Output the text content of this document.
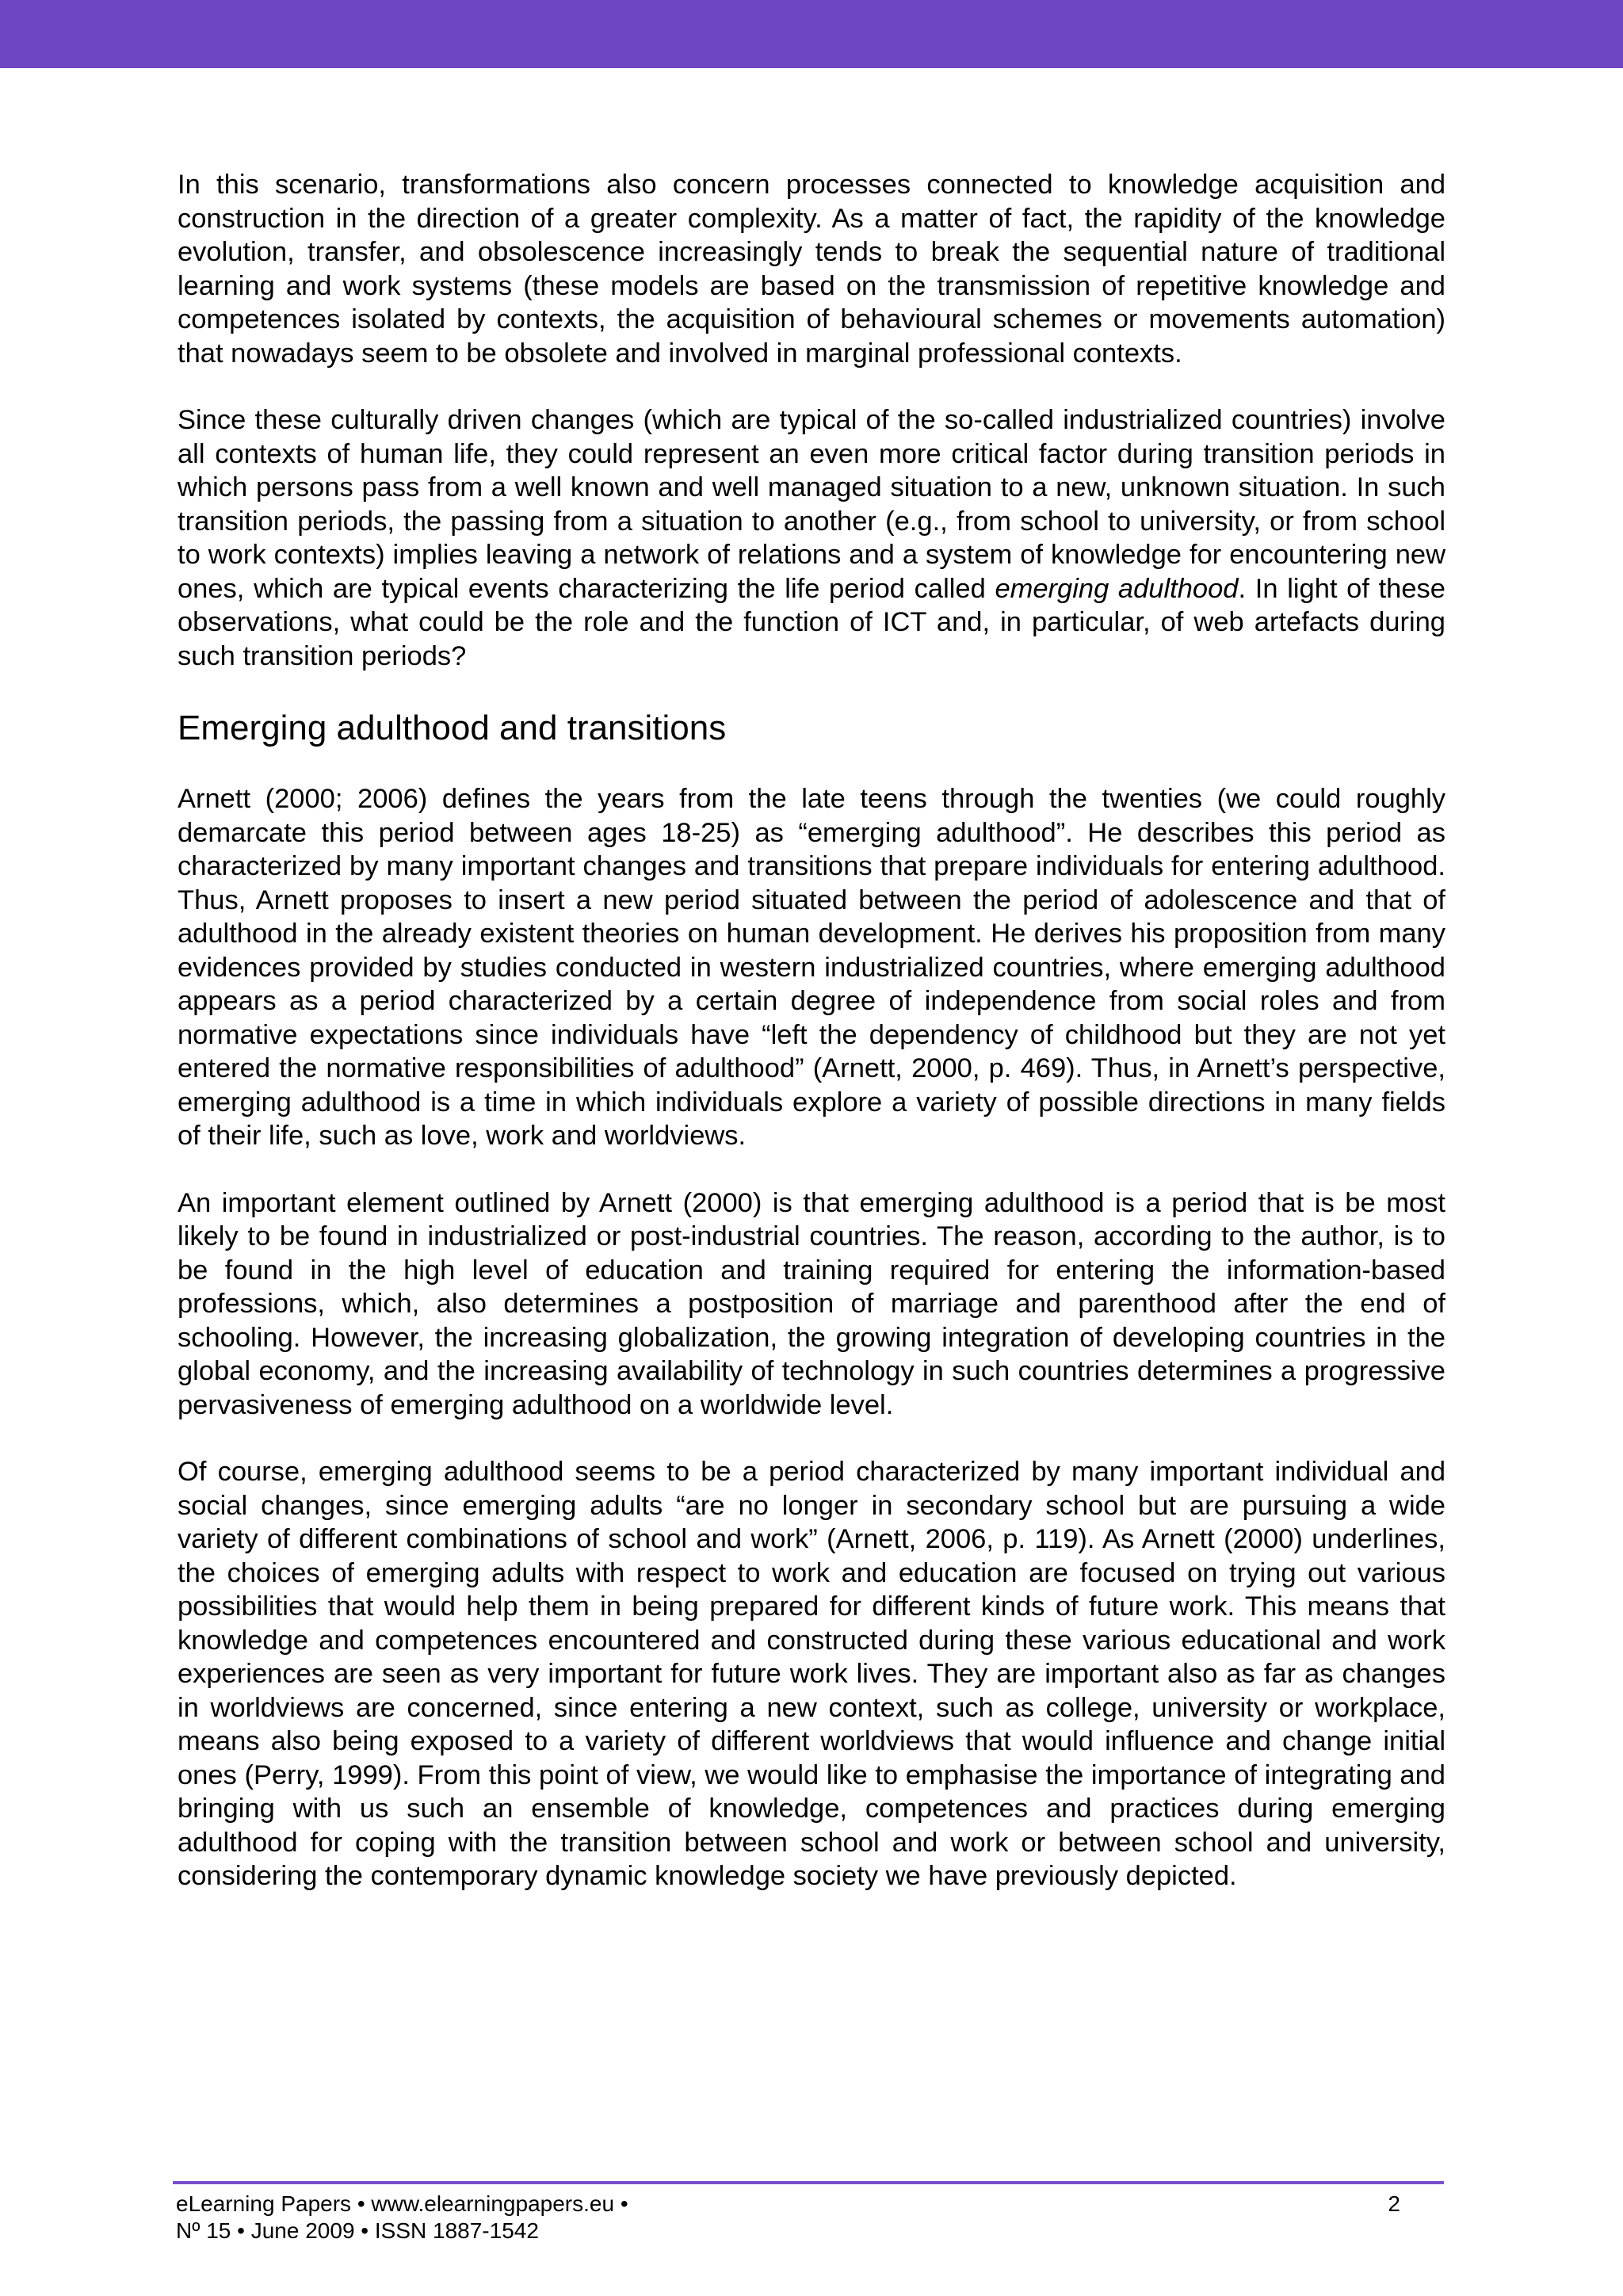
In this scenario, transformations also concern processes connected to knowledge acquisition and construction in the direction of a greater complexity. As a matter of fact, the rapidity of the knowledge evolution, transfer, and obsolescence increasingly tends to break the sequential nature of traditional learning and work systems (these models are based on the transmission of repetitive knowledge and competences isolated by contexts, the acquisition of behavioural schemes or movements automation) that nowadays seem to be obsolete and involved in marginal professional contexts.

Since these culturally driven changes (which are typical of the so-called industrialized countries) involve all contexts of human life, they could represent an even more critical factor during transition periods in which persons pass from a well known and well managed situation to a new, unknown situation. In such transition periods, the passing from a situation to another (e.g., from school to university, or from school to work contexts) implies leaving a network of relations and a system of knowledge for encountering new ones, which are typical events characterizing the life period called emerging adulthood. In light of these observations, what could be the role and the function of ICT and, in particular, of web artefacts during such transition periods?

Emerging adulthood and transitions

Arnett (2000; 2006) defines the years from the late teens through the twenties (we could roughly demarcate this period between ages 18-25) as “emerging adulthood”. He describes this period as characterized by many important changes and transitions that prepare individuals for entering adulthood. Thus, Arnett proposes to insert a new period situated between the period of adolescence and that of adulthood in the already existent theories on human development. He derives his proposition from many evidences provided by studies conducted in western industrialized countries, where emerging adulthood appears as a period characterized by a certain degree of independence from social roles and from normative expectations since individuals have “left the dependency of childhood but they are not yet entered the normative responsibilities of adulthood” (Arnett, 2000, p. 469). Thus, in Arnett’s perspective, emerging adulthood is a time in which individuals explore a variety of possible directions in many fields of their life, such as love, work and worldviews.

An important element outlined by Arnett (2000) is that emerging adulthood is a period that is be most likely to be found in industrialized or post-industrial countries. The reason, according to the author, is to be found in the high level of education and training required for entering the information-based professions, which, also determines a postposition of marriage and parenthood after the end of schooling. However, the increasing globalization, the growing integration of developing countries in the global economy, and the increasing availability of technology in such countries determines a progressive pervasiveness of emerging adulthood on a worldwide level.

Of course, emerging adulthood seems to be a period characterized by many important individual and social changes, since emerging adults “are no longer in secondary school but are pursuing a wide variety of different combinations of school and work” (Arnett, 2006, p. 119). As Arnett (2000) underlines, the choices of emerging adults with respect to work and education are focused on trying out various possibilities that would help them in being prepared for different kinds of future work. This means that knowledge and competences encountered and constructed during these various educational and work experiences are seen as very important for future work lives. They are important also as far as changes in worldviews are concerned, since entering a new context, such as college, university or workplace, means also being exposed to a variety of different worldviews that would influence and change initial ones (Perry, 1999). From this point of view, we would like to emphasise the importance of integrating and bringing with us such an ensemble of knowledge, competences and practices during emerging adulthood for coping with the transition between school and work or between school and university, considering the contemporary dynamic knowledge society we have previously depicted.

eLearning Papers • www.elearningpapers.eu •
Nº 15 • June 2009 • ISSN 1887-1542
2
